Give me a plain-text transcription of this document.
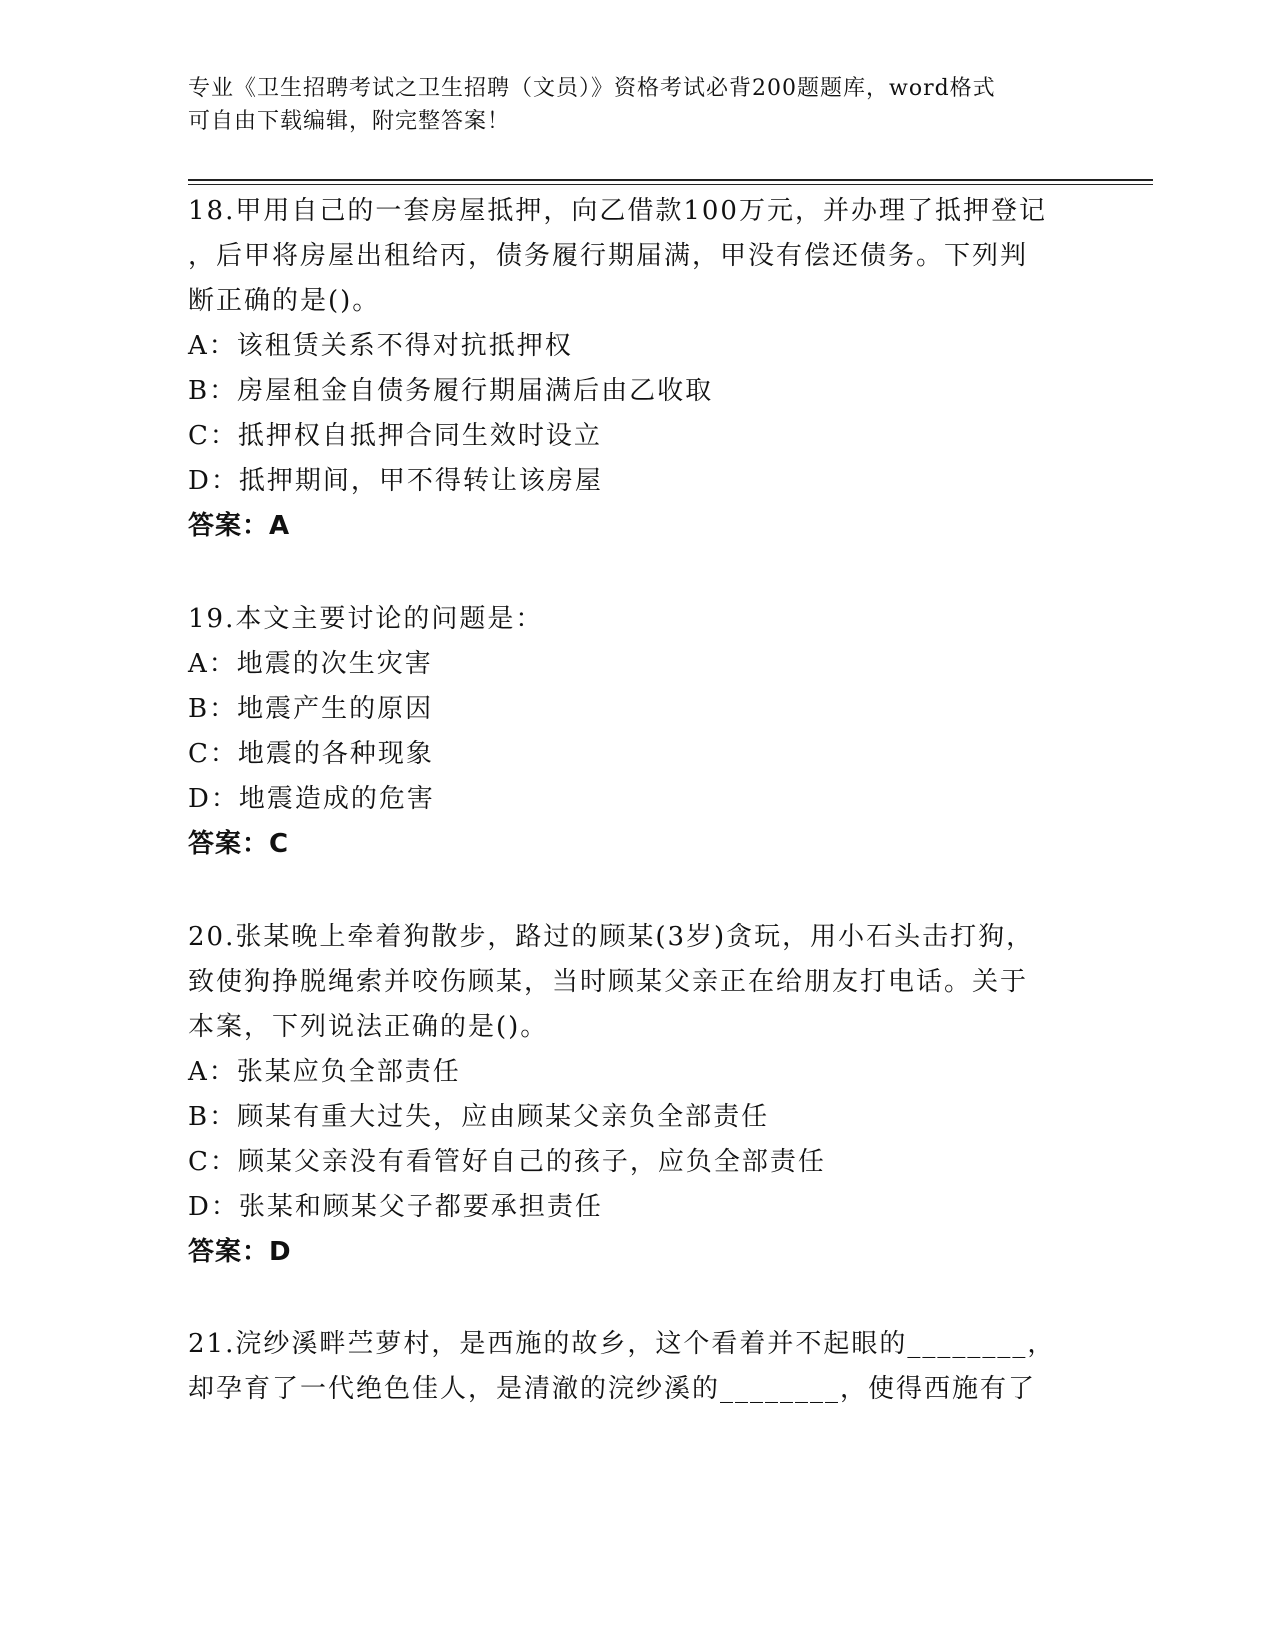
专业《卫生招聘考试之卫生招聘（文员）》资格考试必背200题题库，word格式
可自由下载编辑，附完整答案！
18.甲用自己的一套房屋抵押，向乙借款100万元，并办理了抵押登记
，后甲将房屋出租给丙，债务履行期届满，甲没有偿还债务。下列判
断正确的是()。
A：该租赁关系不得对抗抵押权
B：房屋租金自债务履行期届满后由乙收取
C：抵押权自抵押合同生效时设立
D：抵押期间，甲不得转让该房屋
答案：A
19.本文主要讨论的问题是：
A：地震的次生灾害
B：地震产生的原因
C：地震的各种现象
D：地震造成的危害
答案：C
20.张某晚上牵着狗散步，路过的顾某(3岁)贪玩，用小石头击打狗，
致使狗挣脱绳索并咬伤顾某，当时顾某父亲正在给朋友打电话。关于
本案，下列说法正确的是()。
A：张某应负全部责任
B：顾某有重大过失，应由顾某父亲负全部责任
C：顾某父亲没有看管好自己的孩子，应负全部责任
D：张某和顾某父子都要承担责任
答案：D
21.浣纱溪畔苎萝村，是西施的故乡，这个看着并不起眼的________，
却孕育了一代绝色佳人，是清澈的浣纱溪的________，使得西施有了
